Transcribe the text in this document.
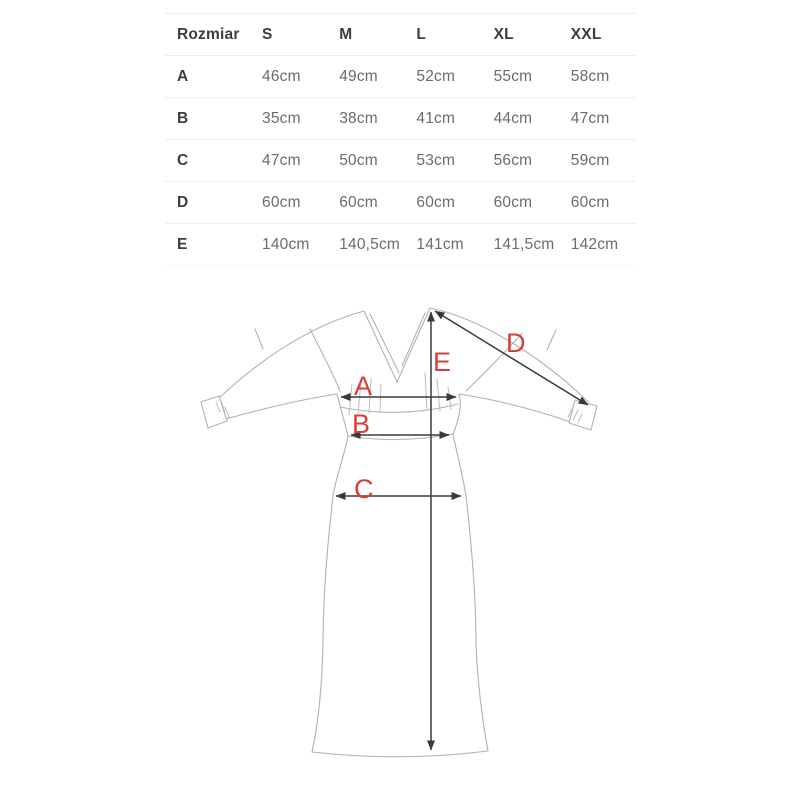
Rozmiar	S	M	L	XL	XXL
A	46cm	49cm	52cm	55cm	58cm
B	35cm	38cm	41cm	44cm	47cm
C	47cm	50cm	53cm	56cm	59cm
D	60cm	60cm	60cm	60cm	60cm
E	140cm	140,5cm	141cm	141,5cm	142cm
A
B
C
D
E
